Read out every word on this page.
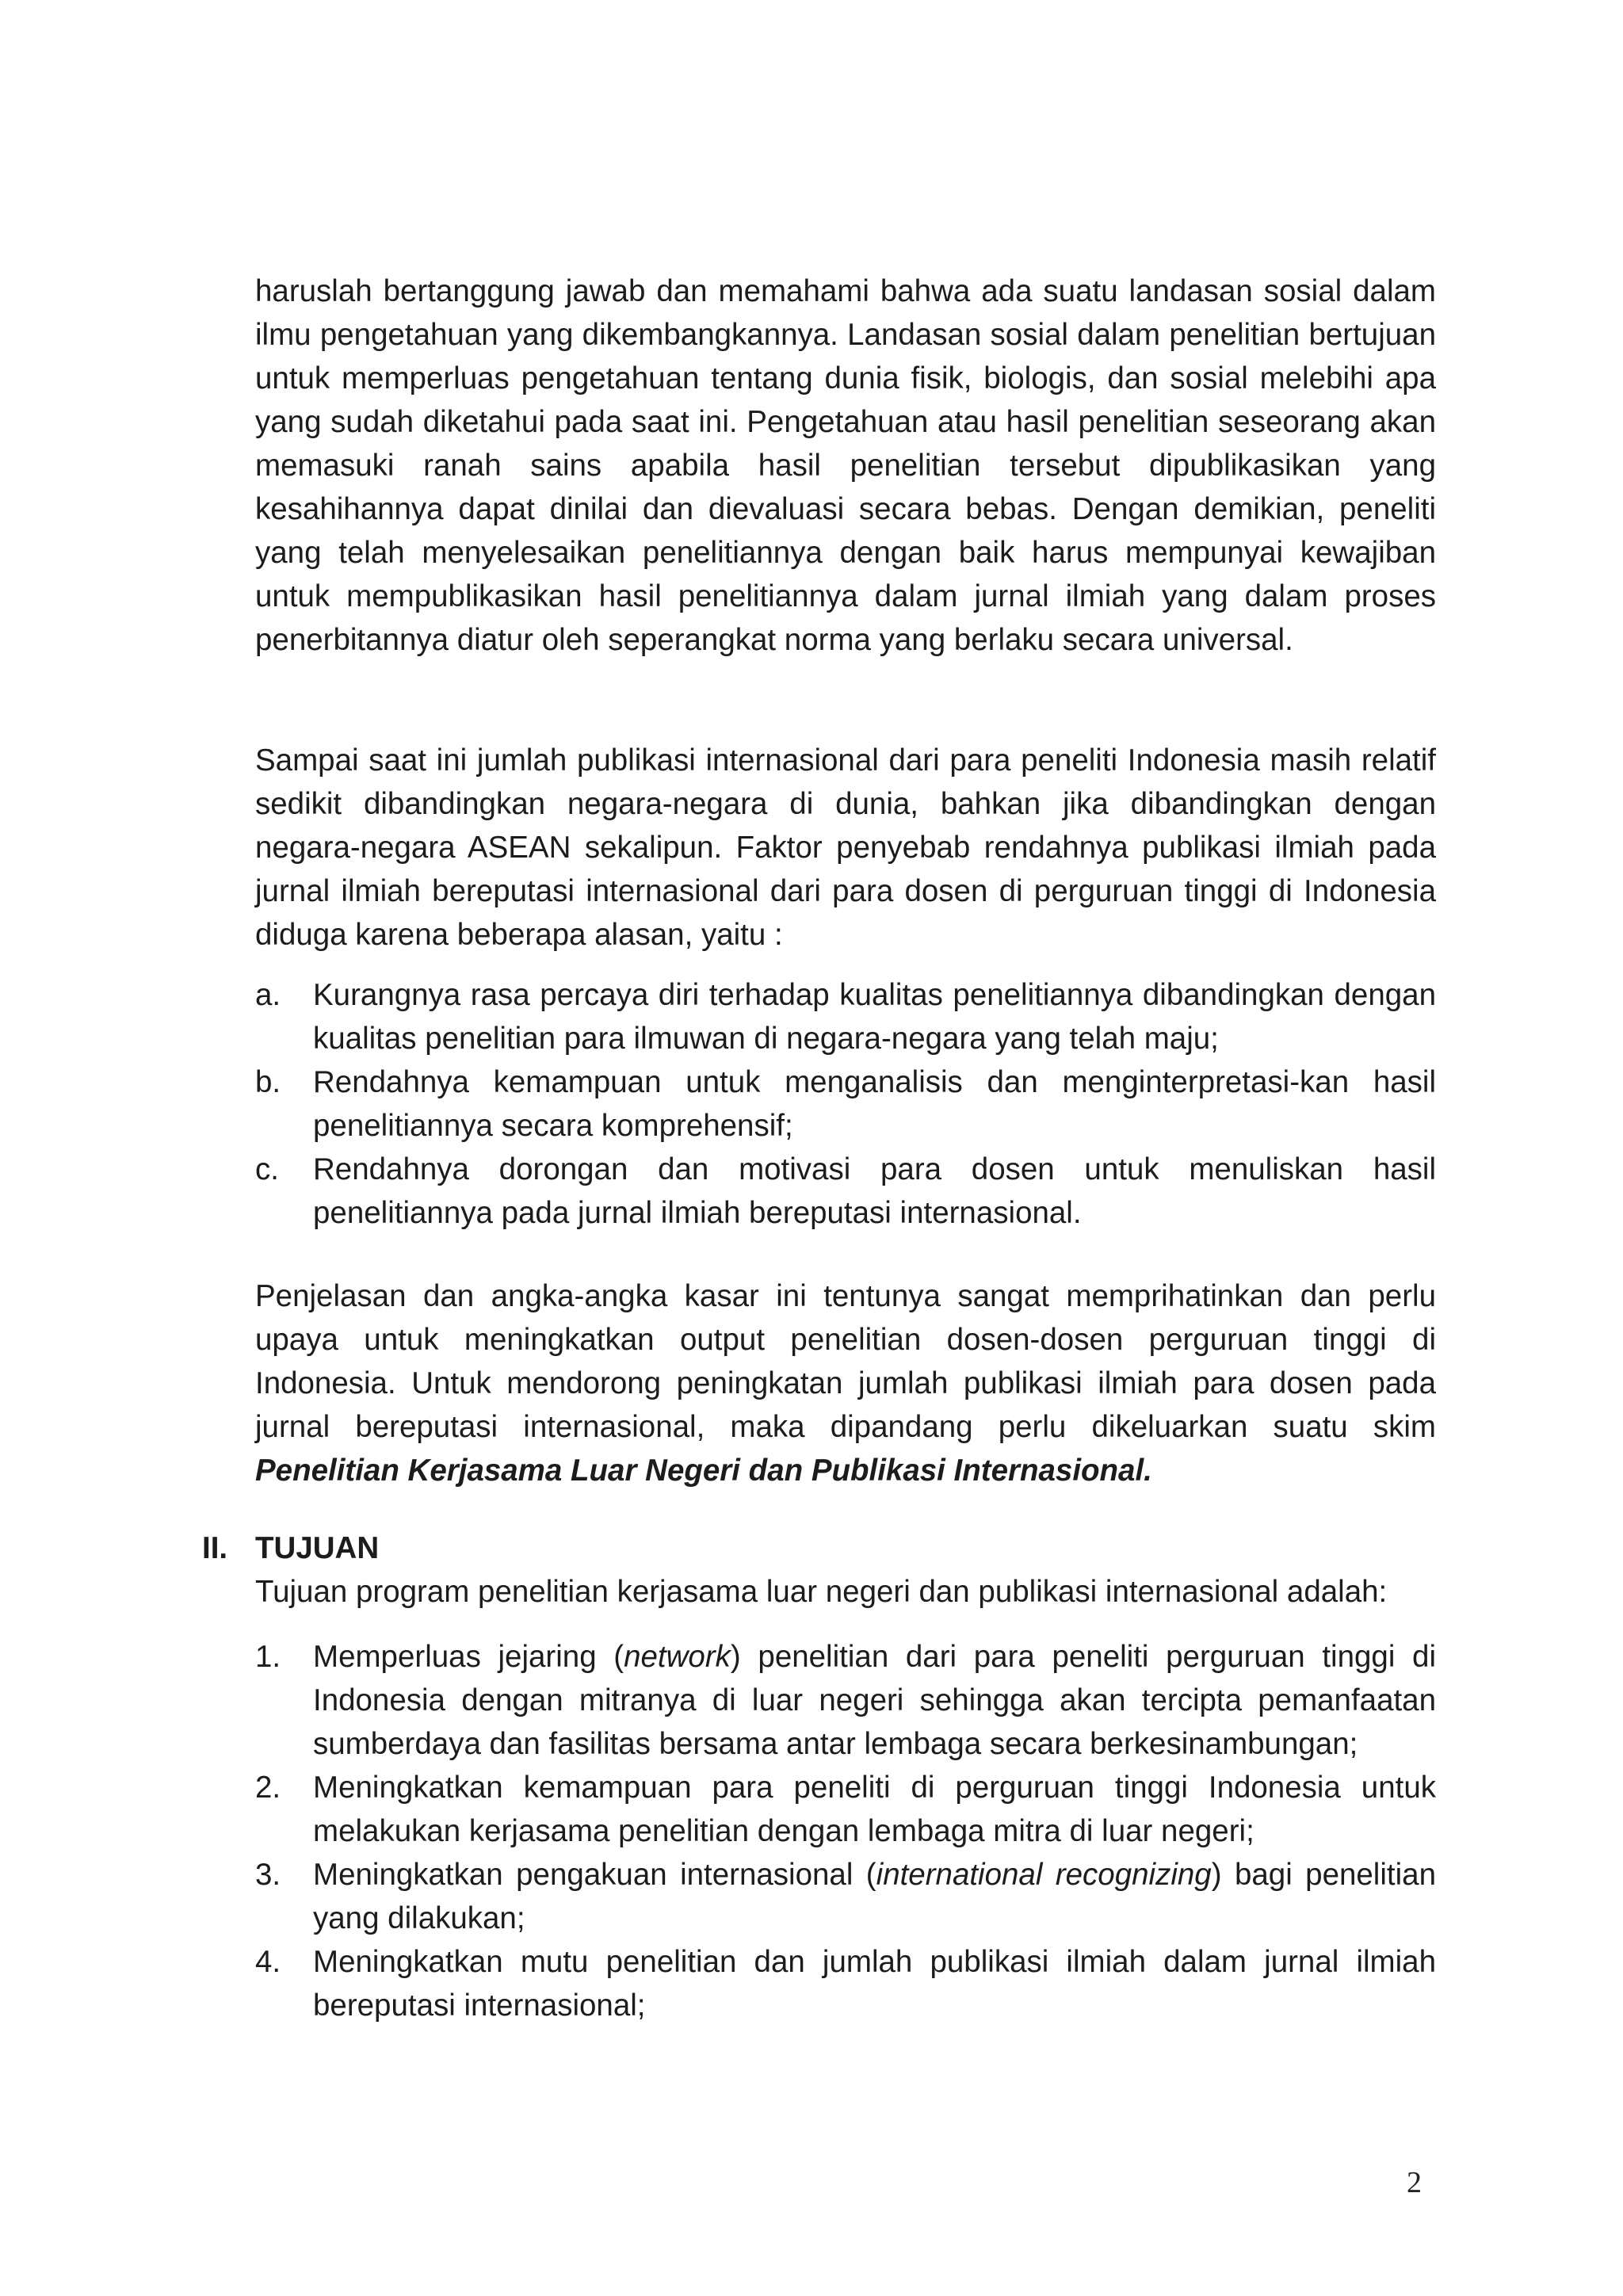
haruslah bertanggung jawab dan memahami bahwa ada suatu landasan sosial dalam ilmu pengetahuan yang dikembangkannya. Landasan sosial dalam penelitian bertujuan untuk memperluas pengetahuan tentang dunia fisik, biologis, dan sosial melebihi apa yang sudah diketahui pada saat ini. Pengetahuan atau hasil penelitian seseorang akan memasuki ranah sains apabila hasil penelitian tersebut dipublikasikan yang kesahihannya dapat dinilai dan dievaluasi secara bebas. Dengan demikian, peneliti yang telah menyelesaikan penelitiannya dengan baik harus mempunyai kewajiban untuk mempublikasikan hasil penelitiannya dalam jurnal ilmiah yang dalam proses penerbitannya diatur oleh seperangkat norma yang berlaku secara universal.

Sampai saat ini jumlah publikasi internasional dari para peneliti Indonesia masih relatif sedikit dibandingkan negara-negara di dunia, bahkan jika dibandingkan dengan negara-negara ASEAN sekalipun. Faktor penyebab rendahnya publikasi ilmiah pada jurnal ilmiah bereputasi internasional dari para dosen di perguruan tinggi di Indonesia diduga karena beberapa alasan, yaitu :

a. Kurangnya rasa percaya diri terhadap kualitas penelitiannya dibandingkan dengan kualitas penelitian para ilmuwan di negara-negara yang telah maju;
b. Rendahnya kemampuan untuk menganalisis dan menginterpretasi-kan hasil penelitiannya secara komprehensif;
c. Rendahnya dorongan dan motivasi para dosen untuk menuliskan hasil penelitiannya pada jurnal ilmiah bereputasi internasional.

Penjelasan dan angka-angka kasar ini tentunya sangat memprihatinkan dan perlu upaya untuk meningkatkan output penelitian dosen-dosen perguruan tinggi di Indonesia. Untuk mendorong peningkatan jumlah publikasi ilmiah para dosen pada jurnal bereputasi internasional, maka dipandang perlu dikeluarkan suatu skim Penelitian Kerjasama Luar Negeri dan Publikasi Internasional.

II. TUJUAN

Tujuan program penelitian kerjasama luar negeri dan publikasi internasional adalah:

1. Memperluas jejaring (network) penelitian dari para peneliti perguruan tinggi di Indonesia dengan mitranya di luar negeri sehingga akan tercipta pemanfaatan sumberdaya dan fasilitas bersama antar lembaga secara berkesinambungan;
2. Meningkatkan kemampuan para peneliti di perguruan tinggi Indonesia untuk melakukan kerjasama penelitian dengan lembaga mitra di luar negeri;
3. Meningkatkan pengakuan internasional (international recognizing) bagi penelitian yang dilakukan;
4. Meningkatkan mutu penelitian dan jumlah publikasi ilmiah dalam jurnal ilmiah bereputasi internasional;
2
